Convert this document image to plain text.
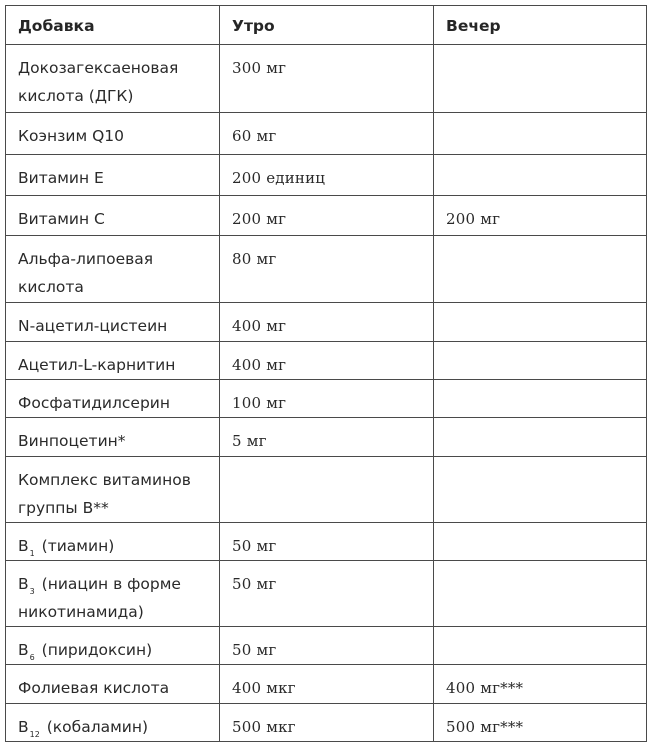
Добавка	Утро	Вечер
Докозагексаеновая кислота (ДГК)	300 мг	
Коэнзим Q10	60 мг	
Витамин E	200 единиц	
Витамин C	200 мг	200 мг
Альфа-липоевая кислота	80 мг	
N-ацетил-цистеин	400 мг	
Ацетил-L-карнитин	400 мг	
Фосфатидилсерин	100 мг	
Винпоцетин*	5 мг	
Комплекс витаминов группы B**		
$B_1$ (тиамин)	50 мг	
$B_3$ (ниацин в форме никотинамида)	50 мг	
$B_6$ (пиридоксин)	50 мг	
Фолиевая кислота	400 мкг	400 мг***
$B_{12}$ (кобаламин)	500 мкг	500 мг***
